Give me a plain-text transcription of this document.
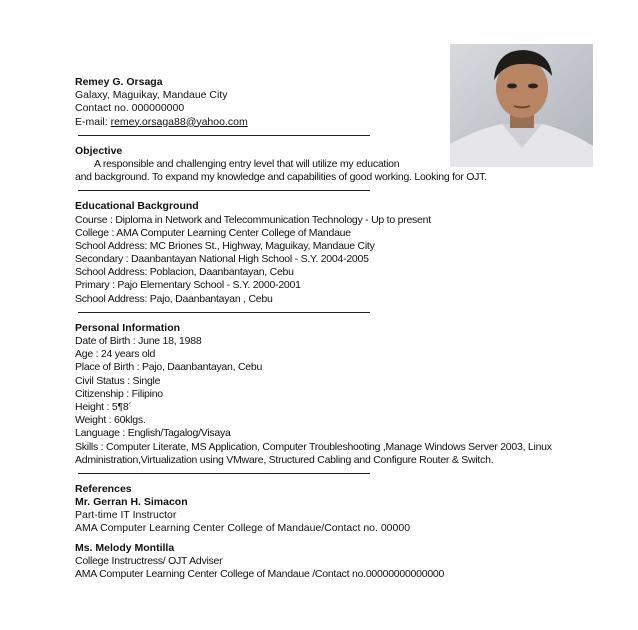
Remey G. Orsaga
Galaxy, Maguikay, Mandaue City
Contact no. 000000000
E-mail: remey.orsaga88@yahoo.com
Objective
A responsible and challenging entry level that will utilize my education
and background. To expand my knowledge and capabilities of good working. Looking for OJT.
Educational Background
Course : Diploma in Network and Telecommunication Technology - Up to present
College : AMA Computer Learning Center College of Mandaue
School Address: MC Briones St., Highway, Maguikay, Mandaue City
Secondary : Daanbantayan National High School - S.Y. 2004-2005
School Address: Poblacion, Daanbantayan, Cebu
Primary : Pajo Elementary School - S.Y. 2000-2001
School Address: Pajo, Daanbantayan , Cebu
Personal Information
Date of Birth : June 18, 1988
Age : 24 years old
Place of Birth : Pajo, Daanbantayan, Cebu
Civil Status : Single
Citizenship : Filipino
Height : 5¶8´
Weight : 60klgs.
Language : English/Tagalog/Visaya
Skills : Computer Literate, MS Application, Computer Troubleshooting ,Manage Windows Server 2003, Linux
Administration,Virtualization using VMware, Structured Cabling and Configure Router & Switch.
References
Mr. Gerran H. Simacon
Part-time IT Instructor
AMA Computer Learning Center College of Mandaue/Contact no. 00000
Ms. Melody Montilla
College Instructress/ OJT Adviser
AMA Computer Learning Center College of Mandaue /Contact no.00000000000000
